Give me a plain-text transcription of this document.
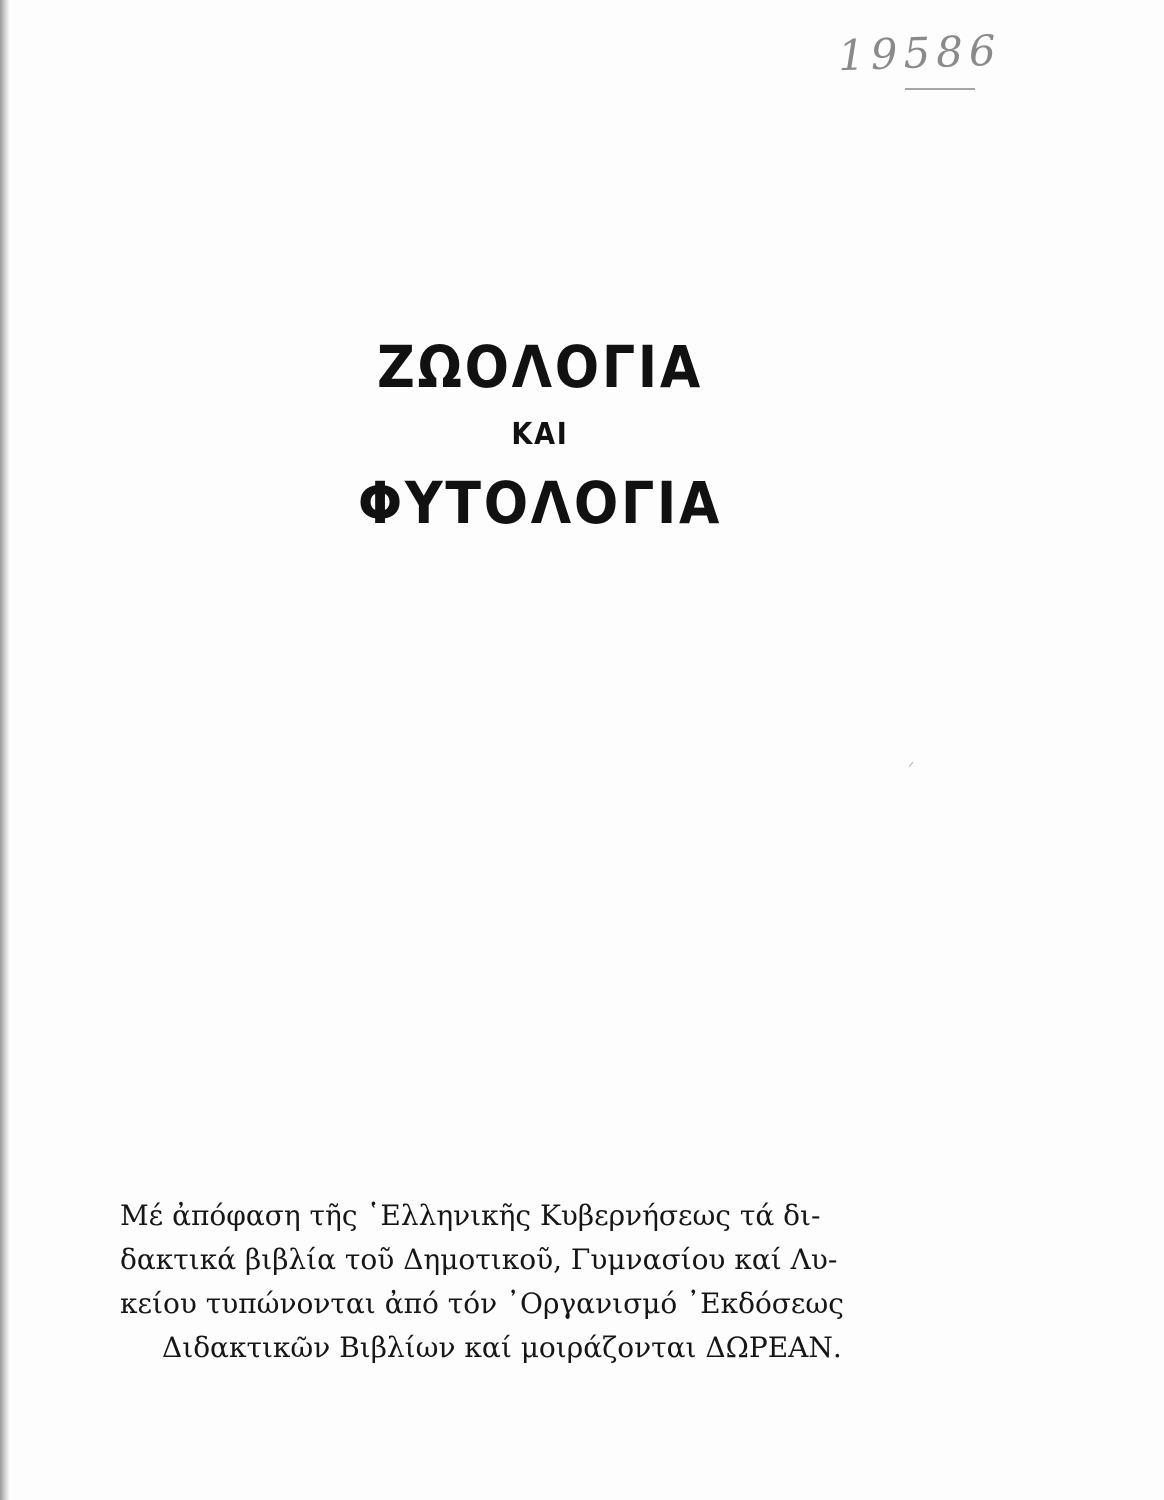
19586
ΖΩΟΛΟΓΙΑ
ΚΑΙ
ΦΥΤΟΛΟΓΙΑ
Μέ ἀπόφαση τῆς ῾Ελληνικῆς Κυβερνήσεως τά δι-
δακτικά βιβλία τοῦ Δημοτικοῦ, Γυμνασίου καί Λυ-
κείου τυπώνονται ἀπό τόν ᾿Οργανισμό ᾿Εκδόσεως
Διδακτικῶν Βιβλίων καί μοιράζονται ΔΩΡΕΑΝ.
